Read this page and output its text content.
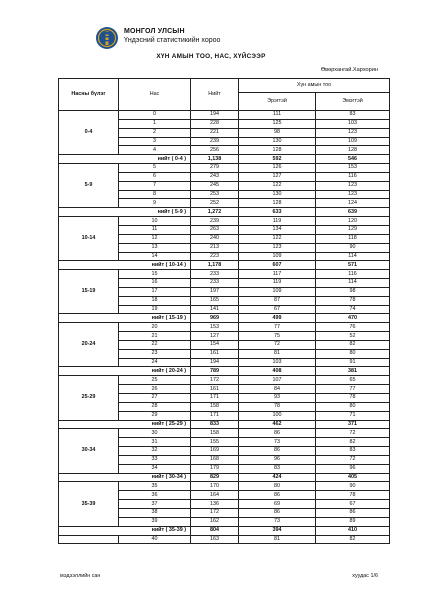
МОНГОЛ УЛСЫН
Үндэсний статистикийн хороо
ХҮН АМЫН ТОО, НАС, ХҮЙСЭЭР
Өвөрхангай.Хархорин
Насны бүлэг	Нас	Нийт	Хүн амын тоо	
			Эрэгтэй	Эмэгтэй
0-4	0	194	111	83
	1	228	125	103
	2	221	98	123
	3	239	130	109
	4	256	128	128
нийт ( 0-4 )		1,138	592	546
5-9	5	279	126	153
	6	243	127	116
	7	245	122	123
	8	253	130	123
	9	252	128	124
нийт ( 5-9 )		1,272	633	639
10-14	10	239	119	120
	11	263	134	129
	12	240	122	118
	13	213	123	90
	14	223	109	114
нийт ( 10-14 )		1,178	607	571
15-19	15	233	117	116
	16	233	119	114
	17	197	109	98
	18	165	87	78
	19	141	67	74
нийт ( 15-19 )		969	499	470
20-24	20	153	77	76
	21	127	75	52
	22	154	72	82
	23	161	81	80
	24	194	103	91
нийт ( 20-24 )		789	408	381
25-29	25	172	107	65
	26	161	84	77
	27	171	93	78
	28	158	78	80
	29	171	100	71
нийт ( 25-29 )		833	462	371
30-34	30	158	86	72
	31	155	73	82
	32	169	86	83
	33	168	96	72
	34	179	83	96
нийт ( 30-34 )		829	424	405
35-39	35	170	80	90
	36	164	86	78
	37	136	69	67
	38	172	86	86
	39	162	73	89
нийт ( 35-39 )		804	394	410
	40	163	81	82
мэдээллийн сан	хуудас 1/6
